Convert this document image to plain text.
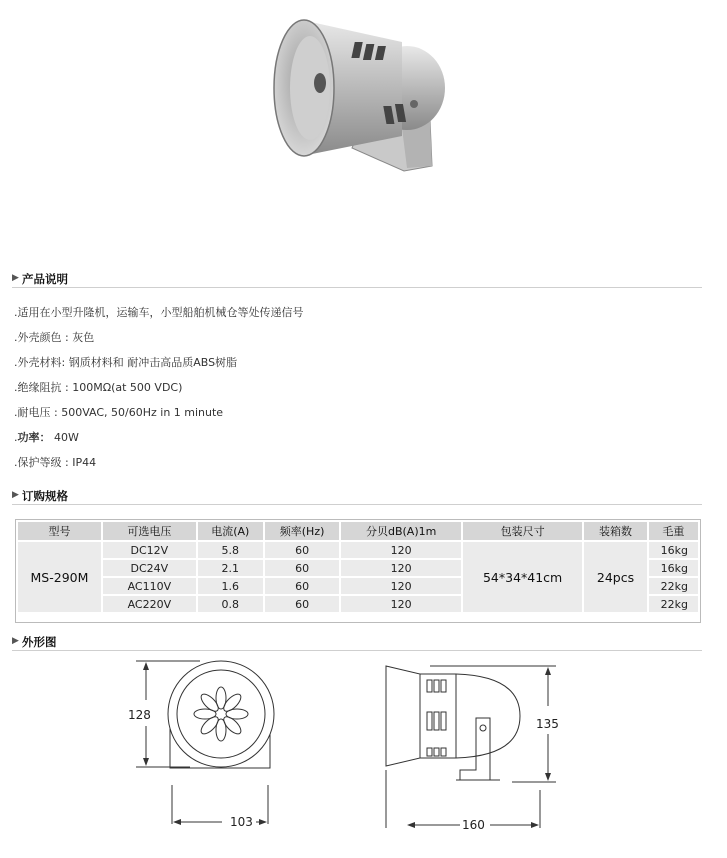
▶ 产品说明
.适用在小型升隆机，运输车，小型船舶机械仓等处传递信号
.外壳颜色 : 灰色
.外壳材料: 钢质材料和 耐冲击高品质ABS树脂
.绝缘阻抗 : 100MΩ(at 500 VDC)
.耐电压 : 500VAC, 50/60Hz in 1 minute
.功率： 40W
.保护等级 : IP44
▶ 订购规格
型号	可选电压	电流(A)	频率(Hz)	分贝dB(A)1m	包装尺寸	装箱数	毛重
MS-290M	DC12V	5.8	60	120	54*34*41cm	24pcs	16kg
	DC24V	2.1	60	120			16kg
	AC110V	1.6	60	120			22kg
	AC220V	0.8	60	120			22kg
▶ 外形图
128
103
135
160
